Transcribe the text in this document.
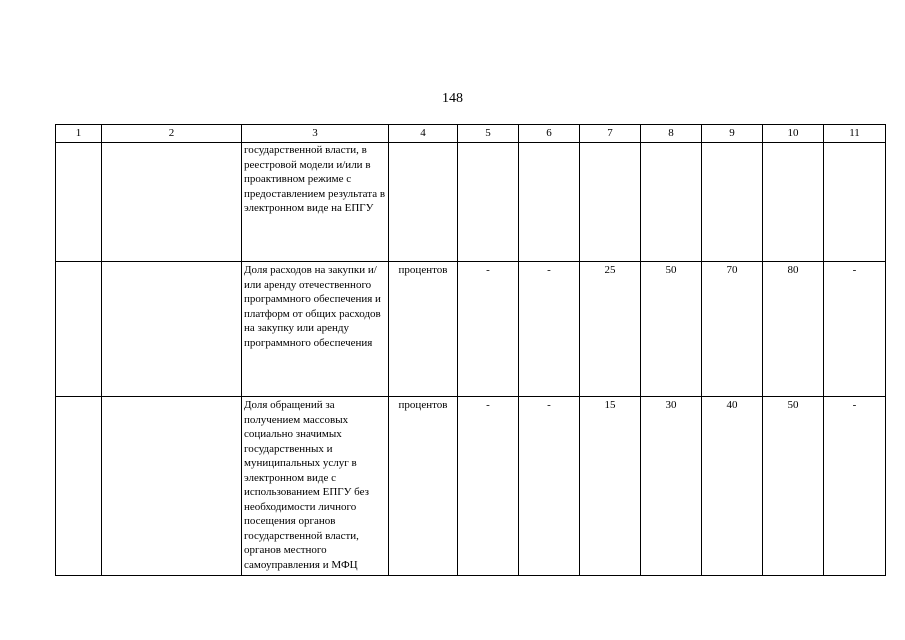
148
1	2	3	4	5	6	7	8	9	10	11
		государственной власти, в реестровой модели и/или в проактивном режиме с предоставлением результата в электронном виде на ЕПГУ								
		Доля расходов на закупки и/или аренду отечественного программного обеспечения и платформ от общих расходов на закупку или аренду программного обеспечения	процентов	-	-	25	50	70	80	-
		Доля обращений за получением массовых социально значимых государственных и муниципальных услуг в электронном виде с использованием ЕПГУ без необходимости личного посещения органов государственной власти, органов местного самоуправления и МФЦ	процентов	-	-	15	30	40	50	-
